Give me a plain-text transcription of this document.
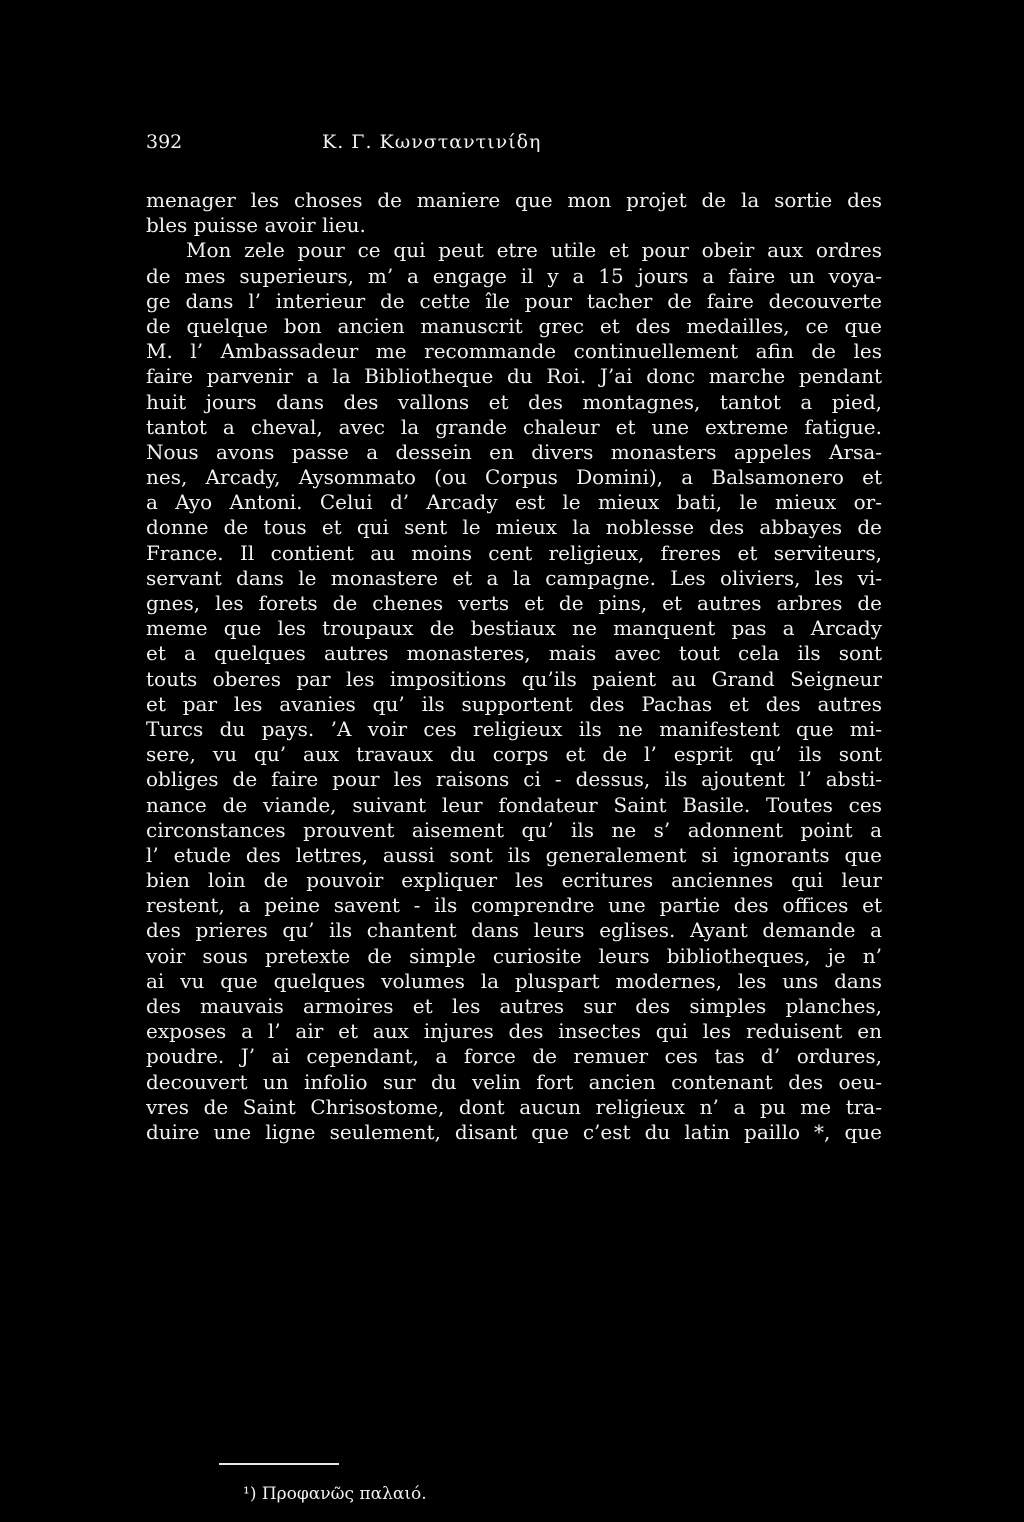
392	Κ. Γ. Κωνσταντινίδη
menager les choses de maniere que mon projet de la sortie des
bles puisse avoir lieu.
Mon zele pour ce qui peut etre utile et pour obeir aux ordres
de mes superieurs, m’ a engage il y a 15 jours a faire un voya-
ge dans l’ interieur de cette île pour tacher de faire decouverte
de quelque bon ancien manuscrit grec et des medailles, ce que
M. l’ Ambassadeur me recommande continuellement afin de les
faire parvenir a la Bibliotheque du Roi. J’ai donc marche pendant
huit jours dans des vallons et des montagnes, tantot a pied,
tantot a cheval, avec la grande chaleur et une extreme fatigue.
Nous avons passe a dessein en divers monasters appeles Arsa-
nes, Arcady, Aysommato (ou Corpus Domini), a Balsamonero et
a Ayo Antoni. Celui d’ Arcady est le mieux bati, le mieux or-
donne de tous et qui sent le mieux la noblesse des abbayes de
France. Il contient au moins cent religieux, freres et serviteurs,
servant dans le monastere et a la campagne. Les oliviers, les vi-
gnes, les forets de chenes verts et de pins, et autres arbres de
meme que les troupaux de bestiaux ne manquent pas a Arcady
et a quelques autres monasteres, mais avec tout cela ils sont
touts oberes par les impositions qu’ils paient au Grand Seigneur
et par les avanies qu’ ils supportent des Pachas et des autres
Turcs du pays. ’A voir ces religieux ils ne manifestent que mi-
sere, vu qu’ aux travaux du corps et de l’ esprit qu’ ils sont
obliges de faire pour les raisons ci - dessus, ils ajoutent l’ absti-
nance de viande, suivant leur fondateur Saint Basile. Toutes ces
circonstances prouvent aisement qu’ ils ne s’ adonnent point a
l’ etude des lettres, aussi sont ils generalement si ignorants que
bien loin de pouvoir expliquer les ecritures anciennes qui leur
restent, a peine savent - ils comprendre une partie des offices et
des prieres qu’ ils chantent dans leurs eglises. Ayant demande a
voir sous pretexte de simple curiosite leurs bibliotheques, je n’
ai vu que quelques volumes la pluspart modernes, les uns dans
des mauvais armoires et les autres sur des simples planches,
exposes a l’ air et aux injures des insectes qui les reduisent en
poudre. J’ ai cependant, a force de remuer ces tas d’ ordures,
decouvert un infolio sur du velin fort ancien contenant des oeu-
vres de Saint Chrisostome, dont aucun religieux n’ a pu me tra-
duire une ligne seulement, disant que c’est du latin paillo *, que
¹) Προφανῶς παλαιό.
